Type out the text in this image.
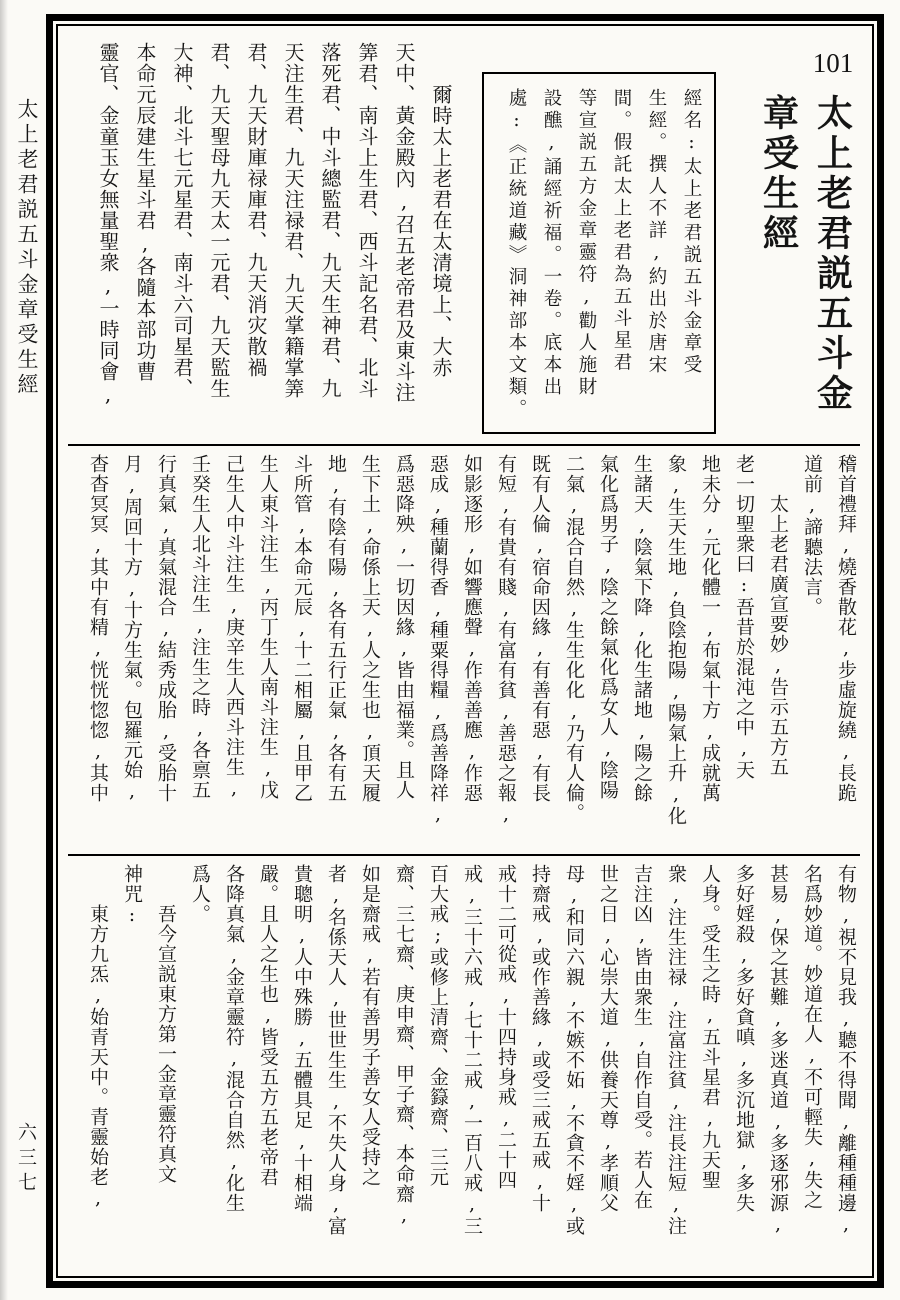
太上老君説五斗金章受生經
六三七
101
太上老君説五斗金
章受生經
經名:太上老君説五斗金章受
生經。撰人不詳,約出於唐宋
間。假託太上老君為五斗星君
等宣説五方金章靈符,勸人施財
設醮,誦經祈福。一卷。底本出
處:《正統道藏》洞神部本文類。
爾時太上老君在太清境上、大赤
天中、黃金殿內,召五老帝君及東斗注
筭君、南斗上生君、西斗記名君、北斗
落死君、中斗總監君、九天生神君、九
天注生君、九天注禄君、九天掌籍掌筭
君、九天財庫禄庫君、九天消灾散禍
君、九天聖母九天太一元君、九天監生
大神、北斗七元星君、南斗六司星君、
本命元辰建生星斗君,各隨本部功曹
靈官、金童玉女無量聖衆,一時同會,
稽首禮拜,燒香散花,步虛旋繞,長跪
道前,諦聽法言。
太上老君廣宣要妙,告示五方五
老一切聖衆曰:吾昔於混沌之中,天
地未分,元化體一,布氣十方,成就萬
象,生天生地,負陰抱陽,陽氣上升,化
生諸天,陰氣下降,化生諸地,陽之餘
氣化爲男子,陰之餘氣化爲女人,陰陽
二氣,混合自然,生生化化,乃有人倫。
既有人倫,宿命因緣,有善有惡,有長
有短,有貴有賤,有富有貧,善惡之報,
如影逐形,如響應聲,作善善應,作惡
惡成,種蘭得香,種粟得糧,爲善降祥,
爲惡降殃,一切因緣,皆由福業。且人
生下土,命係上天,人之生也,頂天履
地,有陰有陽,各有五行正氣,各有五
斗所管,本命元辰,十二相屬,且甲乙
生人東斗注生,丙丁生人南斗注生,戊
己生人中斗注生,庚辛生人西斗注生,
壬癸生人北斗注生,注生之時,各禀五
行真氣,真氣混合,結秀成胎,受胎十
月,周回十方,十方生氣。包羅元始,
杳杳冥冥,其中有精,恍恍惚惚,其中
有物,視不見我,聽不得聞,離種種邊,
名爲妙道。妙道在人,不可輕失,失之
甚易,保之甚難,多迷真道,多逐邪源,
多好婬殺,多好貪嗔,多沉地獄,多失
人身。受生之時,五斗星君,九天聖
衆,注生注禄,注富注貧,注長注短,注
吉注凶,皆由衆生,自作自受。若人在
世之日,心崇大道,供養天尊,孝順父
母,和同六親,不嫉不妬,不貪不婬,或
持齋戒,或作善緣,或受三戒五戒,十
戒十二可從戒,十四持身戒,二十四
戒,三十六戒,七十二戒,一百八戒,三
百大戒;或修上清齋、金籙齋、三元
齋、三七齋、庚申齋、甲子齋、本命齋,
如是齋戒,若有善男子善女人受持之
者,名係天人,世世生生,不失人身,富
貴聰明,人中殊勝,五體具足,十相端
嚴。且人之生也,皆受五方五老帝君
各降真氣,金章靈符,混合自然,化生
爲人。
吾今宣説東方第一金章靈符真文
神咒:
東方九炁,始青天中。青靈始老,
